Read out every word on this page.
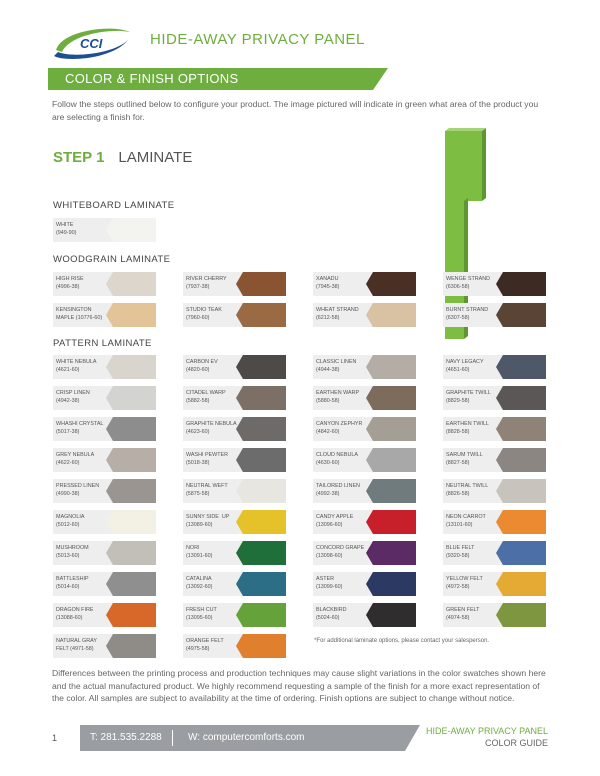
CCI	HIDE-AWAY PRIVACY PANEL
COLOR & FINISH OPTIONS
Follow the steps outlined below to configure your product. The image pictured will indicate in green what area of the product you are selecting a finish for.
STEP 1 LAMINATE
WHITEBOARD LAMINATE
WOODGRAIN LAMINATE
PATTERN LAMINATE
WHITE
(949-90)
HIGH RISE
(4996-38)
RIVER CHERRY
(7937-38)
XANADU
(7945-38)
WENGE STRAND
(6306-58)
KENSINGTON
MAPLE (10776-60)
STUDIO TEAK
(7960-60)
WHEAT STRAND
(6212-58)
BURNT STRAND
(6307-58)
WHITE NEBULA
(4621-60)
CARBON EV
(4820-60)
CLASSIC LINEN
(4944-38)
NAVY LEGACY
(4651-60)
CRISP LINEN
(4942-38)
CITADEL WARP
(5882-58)
EARTHEN WARP
(5880-58)
GRAPHITE TWILL
(8829-58)
WHASHI CRYSTAL
(5017-38)
GRAPHITE NEBULA
(4623-60)
CANYON ZEPHYR
(4842-60)
EARTHEN TWILL
(8828-58)
GREY NEBULA
(4622-60)
WASHI PEWTER
(5018-38)
CLOUD NEBULA
(4630-60)
SARUM TWILL
(8827-58)
PRESSED LINEN
(4990-38)
NEUTRAL WEFT
(5875-58)
TAILORED LINEN
(4992-38)
NEUTRAL TWILL
(8826-58)
MAGNOLIA
(5012-60)
SUNNY SIDE  UP
(13089-60)
CANDY APPLE
(13096-60)
NEON CARROT
(13101-60)
MUSHROOM
(5013-60)
NORI
(13091-60)
CONCORD GRAPE
(13098-60)
BLUE FELT
(9320-58)
BATTLESHIP
(5014-60)
CATALINA
(13092-60)
ASTER
(13099-60)
YELLOW FELT
(4972-58)
DRAGON FIRE
(13088-60)
FRESH CUT
(13095-60)
BLACKBIRD
(5024-60)
GREEN FELT
(4974-58)
NATURAL GRAY
FELT (4971-58)
ORANGE FELT
(4975-58)
*For additional laminate options, please contact your salesperson.
Differences between the printing process and production techniques may cause slight variations in the color swatches shown here and the actual manufactured product. We highly recommend requesting a sample of the finish for a more exact representation of the color. All samples are subject to availability at the time of ordering. Finish options are subject to change without notice.
1	T: 281.535.2288	W: computercomforts.com
HIDE-AWAY PRIVACY PANEL
COLOR GUIDE
